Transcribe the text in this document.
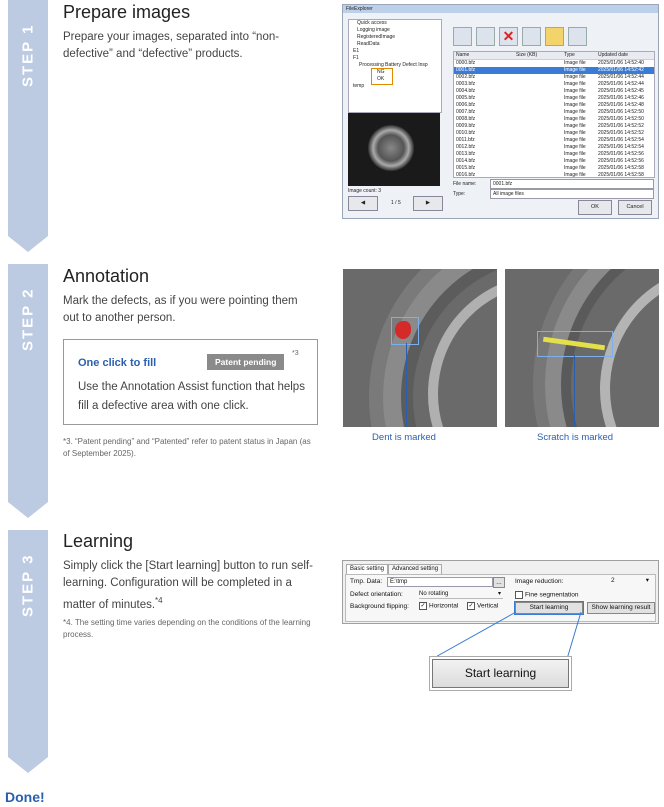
STEP 1
STEP 2
STEP 3
Done!
Prepare images
Prepare your images, separated into “non-defective” and “defective” products.
FileExplorer
Quick access
Logging image
RegisteredImage
ReadData
E1
F1
Processing Battery Defect Insp
NG
OK
temp
Image count: 3
◀	1 / 5	▶
✕
Name	Size (KB)	Type	Updated date
0000.bfz	Image file	2025/01/06 14:52:40
0001.bfz	Image file	2025/01/06 14:52:42
0002.bfz	Image file	2025/01/06 14:52:44
0003.bfz	Image file	2025/01/06 14:52:44
0004.bfz	Image file	2025/01/06 14:52:45
0005.bfz	Image file	2025/01/06 14:52:46
0006.bfz	Image file	2025/01/06 14:52:48
0007.bfz	Image file	2025/01/06 14:52:50
0008.bfz	Image file	2025/01/06 14:52:50
0009.bfz	Image file	2025/01/06 14:52:52
0010.bfz	Image file	2025/01/06 14:52:52
0011.bfz	Image file	2025/01/06 14:52:54
0012.bfz	Image file	2025/01/06 14:52:54
0013.bfz	Image file	2025/01/06 14:52:56
0014.bfz	Image file	2025/01/06 14:52:56
0015.bfz	Image file	2025/01/06 14:52:58
0016.bfz	Image file	2025/01/06 14:52:58
File name:	0001.bfz
Type:	All image files
OK	Cancel
Annotation
Mark the defects, as if you were pointing them out to another person.
One click to fill	Patent pending
*3
Use the Annotation Assist function that helps fill a defective area with one click.
*3. “Patent pending” and “Patented” refer to patent status in Japan (as of September 2025).
Dent is marked	Scratch is marked
Learning
Simply click the [Start learning] button to run self-learning. Configuration will be completed in a matter of minutes.$^{*4}$
*4. The setting time varies depending on the conditions of the learning process.
Basic setting	Advanced setting
Tmp. Data:	E:\tmp	...
Defect orientation:	No rotating	▾
Background flipping: ✓ Horizontal ✓ Vertical
Image reduction:	2	▾
Fine segmentation
Start learning	Show learning result
Start learning
